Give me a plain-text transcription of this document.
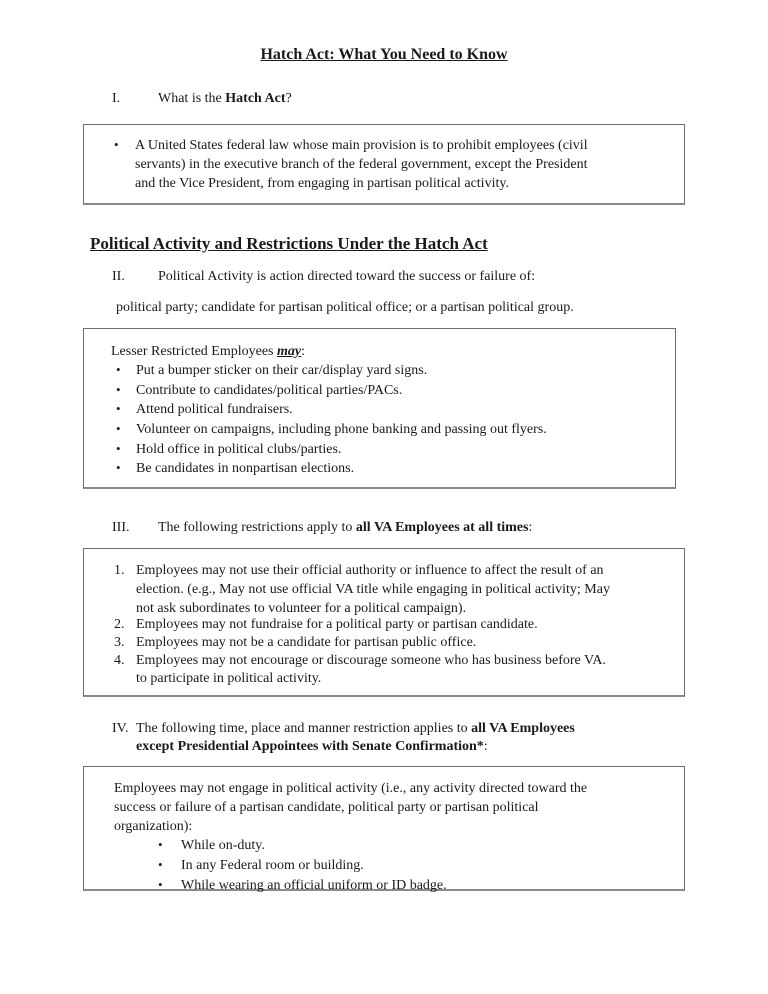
Hatch Act: What You Need to Know
I.	What is the Hatch Act?
• A United States federal law whose main provision is to prohibit employees (civil
servants) in the executive branch of the federal government, except the President
and the Vice President, from engaging in partisan political activity.
Political Activity and Restrictions Under the Hatch Act
II. Political Activity is action directed toward the success or failure of:
political party; candidate for partisan political office; or a partisan political group.
Lesser Restricted Employees may:
• Put a bumper sticker on their car/display yard signs.
• Contribute to candidates/political parties/PACs.
• Attend political fundraisers.
• Volunteer on campaigns, including phone banking and passing out flyers.
• Hold office in political clubs/parties.
• Be candidates in nonpartisan elections.
III. The following restrictions apply to all VA Employees at all times:
1. Employees may not use their official authority or influence to affect the result of an
election. (e.g., May not use official VA title while engaging in political activity; May
not ask subordinates to volunteer for a political campaign).
2. Employees may not fundraise for a political party or partisan candidate.
3. Employees may not be a candidate for partisan public office.
4. Employees may not encourage or discourage someone who has business before VA.
to participate in political activity.
IV. The following time, place and manner restriction applies to all VA Employees
except Presidential Appointees with Senate Confirmation*:
Employees may not engage in political activity (i.e., any activity directed toward the
success or failure of a partisan candidate, political party or partisan political
organization):
• While on-duty.
• In any Federal room or building.
• While wearing an official uniform or ID badge.
